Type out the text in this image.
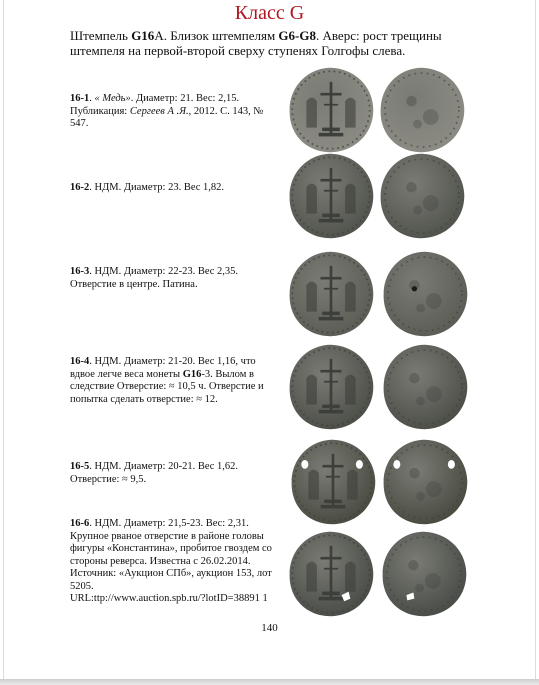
Класс G
Штемпель G16А. Близок штемпелям G6-G8. Аверс: рост трещины штемпеля на первой-второй сверху ступенях Голгофы слева.
16-1. « Медь». Диаметр: 21. Вес: 2,15. Публикация: Сергеев А .Я., 2012. С. 143, № 547.
16-2. НДМ. Диаметр: 23. Вес 1,82.
16-3. НДМ. Диаметр: 22-23. Вес 2,35. Отверстие в центре. Патина.
16-4. НДМ. Диаметр: 21-20. Вес 1,16, что вдвое легче веса монеты G16-3. Вылом в следствие Отверстие: ≈ 10,5 ч. Отверстие и попытка сделать отверстие: ≈ 12.
16-5. НДМ. Диаметр: 20-21. Вес 1,62. Отверстие: ≈ 9,5.
16-6. НДМ. Диаметр: 21,5-23. Вес: 2,31. Крупное рваное отверстие в районе головы фигуры «Константина», пробитое гвоздем со стороны реверса. Известна с 26.02.2014. Источник: «Аукцион СПб», аукцион 153, лот 5205.
URL:ttp://www.auction.spb.ru/?lotID=38891 1
140
